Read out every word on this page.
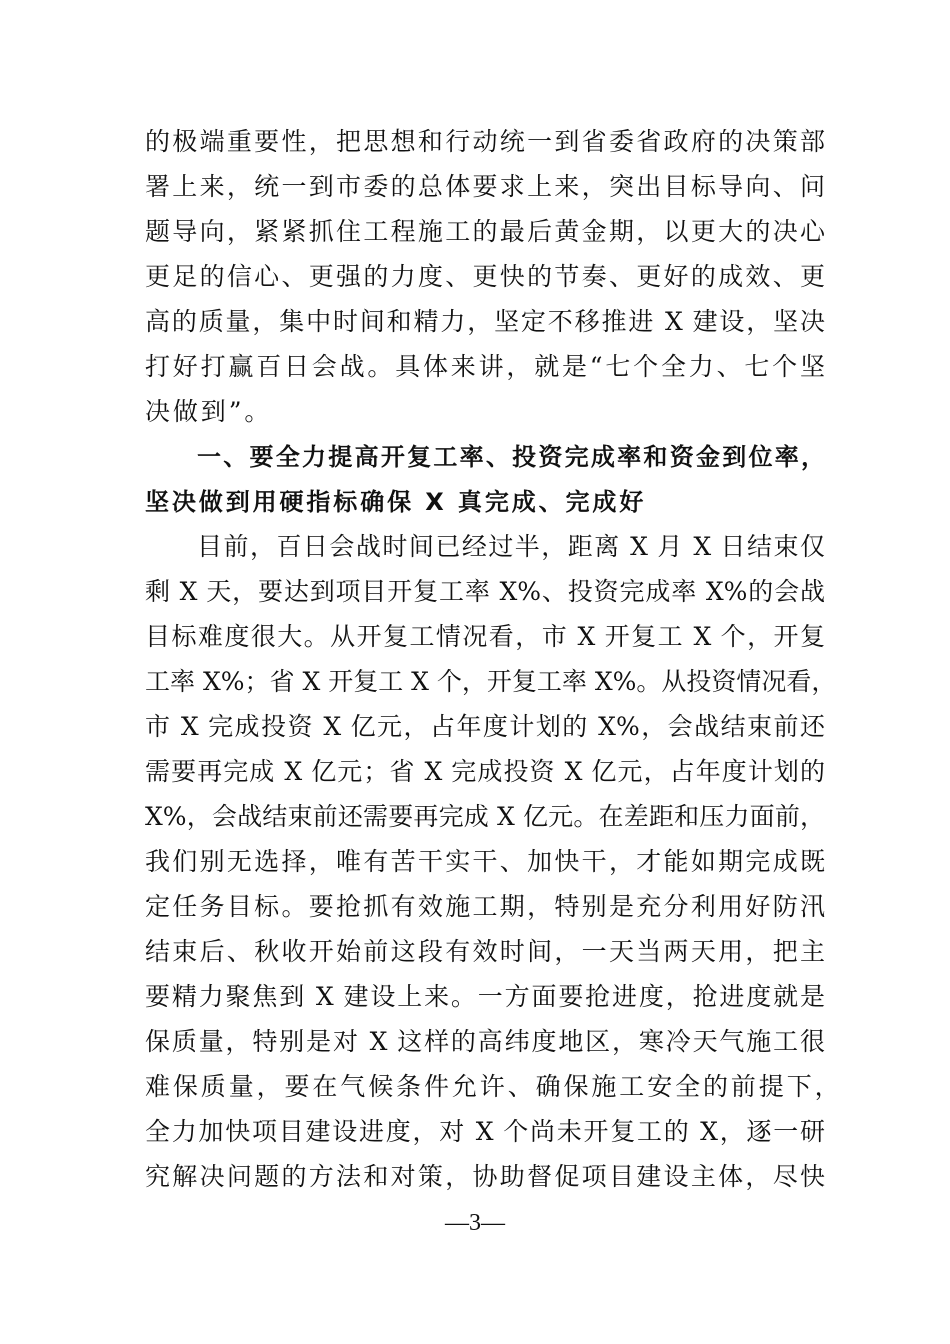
的极端重要性，把思想和行动统一到省委省政府的决策部
署上来，统一到市委的总体要求上来，突出目标导向、问
题导向，紧紧抓住工程施工的最后黄金期，以更大的决心
更足的信心、更强的力度、更快的节奏、更好的成效、更
高的质量，集中时间和精力，坚定不移推进 X 建设，坚决
打好打赢百日会战。具体来讲，就是“七个全力、七个坚
决做到”。
一、要全力提高开复工率、投资完成率和资金到位率，
坚决做到用硬指标确保 X 真完成、完成好
目前，百日会战时间已经过半，距离 X 月 X 日结束仅
剩 X 天，要达到项目开复工率 X%、投资完成率 X%的会战
目标难度很大。从开复工情况看，市 X 开复工 X 个，开复
工率 X%；省 X 开复工 X 个，开复工率 X%。从投资情况看，
市 X 完成投资 X 亿元，占年度计划的 X%，会战结束前还
需要再完成 X 亿元；省 X 完成投资 X 亿元，占年度计划的
X%，会战结束前还需要再完成 X 亿元。在差距和压力面前，
我们别无选择，唯有苦干实干、加快干，才能如期完成既
定任务目标。要抢抓有效施工期，特别是充分利用好防汛
结束后、秋收开始前这段有效时间，一天当两天用，把主
要精力聚焦到 X 建设上来。一方面要抢进度，抢进度就是
保质量，特别是对 X 这样的高纬度地区，寒冷天气施工很
难保质量，要在气候条件允许、确保施工安全的前提下，
全力加快项目建设进度，对 X 个尚未开复工的 X，逐一研
究解决问题的方法和对策，协助督促项目建设主体，尽快
—3—
